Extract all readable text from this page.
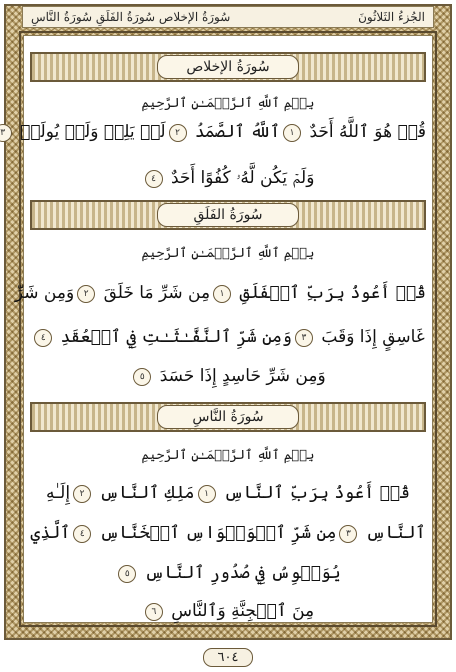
سُورَةُ الإخلاص سُورَةُ الفَلَقِ سُورَةُ النَّاسِ	الجُزءُ الثَلاثُونَ
سُورَةُ الإخلاص
بِسۡمِ ٱللَّهِ ٱلرَّحۡمَـٰنِ ٱلرَّحِيمِ
قُلۡ هُوَ ٱللَّهُ أَحَدٌ ١ٱللَّهُ ٱلصَّمَدُ ٢لَمۡ يَلِدۡ وَلَمۡ يُولَدۡ ٣
وَلَمۡ يَكُن لَّهُۥ كُفُوًا أَحَدٌ ٤
سُورَةُ الفَلَقِ
بِسۡمِ ٱللَّهِ ٱلرَّحۡمَـٰنِ ٱلرَّحِيمِ
قُلۡ أَعُوذُ بِرَبِّ ٱلۡفَلَقِ ١مِن شَرِّ مَا خَلَقَ ٢وَمِن شَرِّ
غَاسِقٍ إِذَا وَقَبَ ٣وَمِن شَرِّ ٱلنَّفَّـٰثَـٰتِ فِي ٱلۡعُقَدِ ٤
وَمِن شَرِّ حَاسِدٍ إِذَا حَسَدَ ٥
سُورَةُ النَّاسِ
بِسۡمِ ٱللَّهِ ٱلرَّحۡمَـٰنِ ٱلرَّحِيمِ
قُلۡ أَعُوذُ بِرَبِّ ٱلنَّاسِ ١مَلِكِ ٱلنَّاسِ ٢إِلَـٰهِ
ٱلنَّاسِ ٣مِن شَرِّ ٱلۡوَسۡوَاسِ ٱلۡخَنَّاسِ ٤ٱلَّذِي
يُوَسۡوِسُ فِي صُدُورِ ٱلنَّاسِ ٥
مِنَ ٱلۡجِنَّةِ وَٱلنَّاسِ ٦
٦٠٤
